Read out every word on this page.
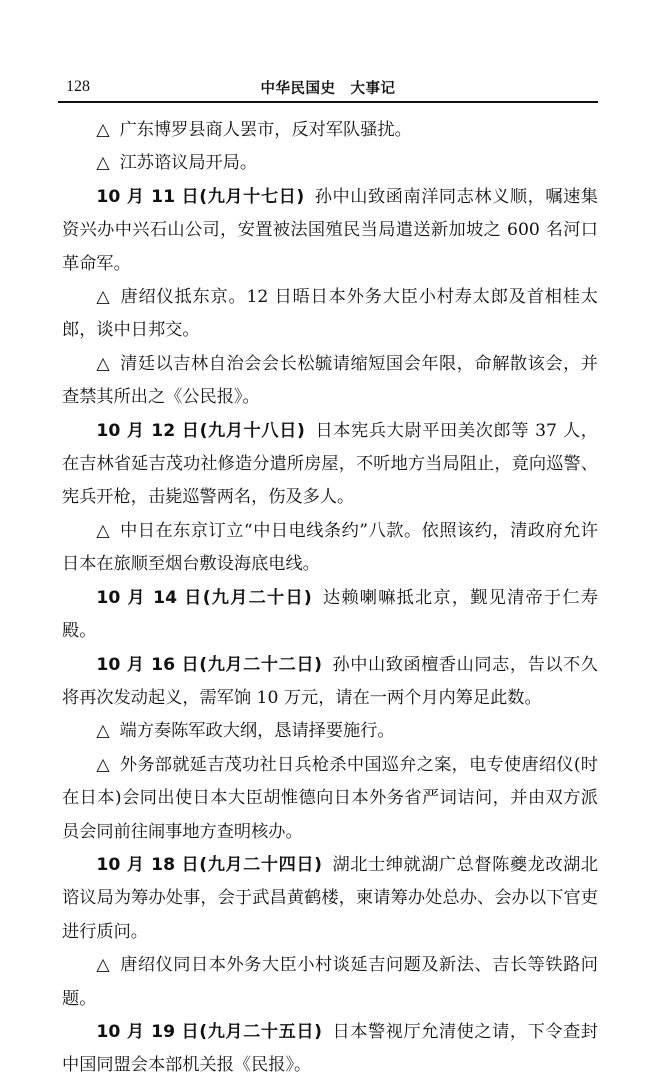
128	中华民国史　大事记

△ 广东博罗县商人罢市，反对军队骚扰。

△ 江苏谘议局开局。

10 月 11 日(九月十七日) 孙中山致函南洋同志林义顺，嘱速集资兴办中兴石山公司，安置被法国殖民当局遣送新加坡之 600 名河口革命军。

△ 唐绍仪抵东京。12 日晤日本外务大臣小村寿太郎及首相桂太郎，谈中日邦交。

△ 清廷以吉林自治会会长松毓请缩短国会年限，命解散该会，并查禁其所出之《公民报》。

10 月 12 日(九月十八日) 日本宪兵大尉平田美次郎等 37 人，在吉林省延吉茂功社修造分遣所房屋，不听地方当局阻止，竟向巡警、宪兵开枪，击毙巡警两名，伤及多人。

△ 中日在东京订立“中日电线条约”八款。依照该约，清政府允许日本在旅顺至烟台敷设海底电线。

10 月 14 日(九月二十日) 达赖喇嘛抵北京，觐见清帝于仁寿殿。

10 月 16 日(九月二十二日) 孙中山致函檀香山同志，告以不久将再次发动起义，需军饷 10 万元，请在一两个月内筹足此数。

△ 端方奏陈军政大纲，恳请择要施行。

△ 外务部就延吉茂功社日兵枪杀中国巡弁之案，电专使唐绍仪(时在日本)会同出使日本大臣胡惟德向日本外务省严词诘问，并由双方派员会同前往闹事地方查明核办。

10 月 18 日(九月二十四日) 湖北士绅就湖广总督陈夔龙改湖北谘议局为筹办处事，会于武昌黄鹤楼，柬请筹办处总办、会办以下官吏进行质问。

△ 唐绍仪同日本外务大臣小村谈延吉问题及新法、吉长等铁路问题。

10 月 19 日(九月二十五日) 日本警视厅允清使之请，下令查封中国同盟会本部机关报《民报》。
